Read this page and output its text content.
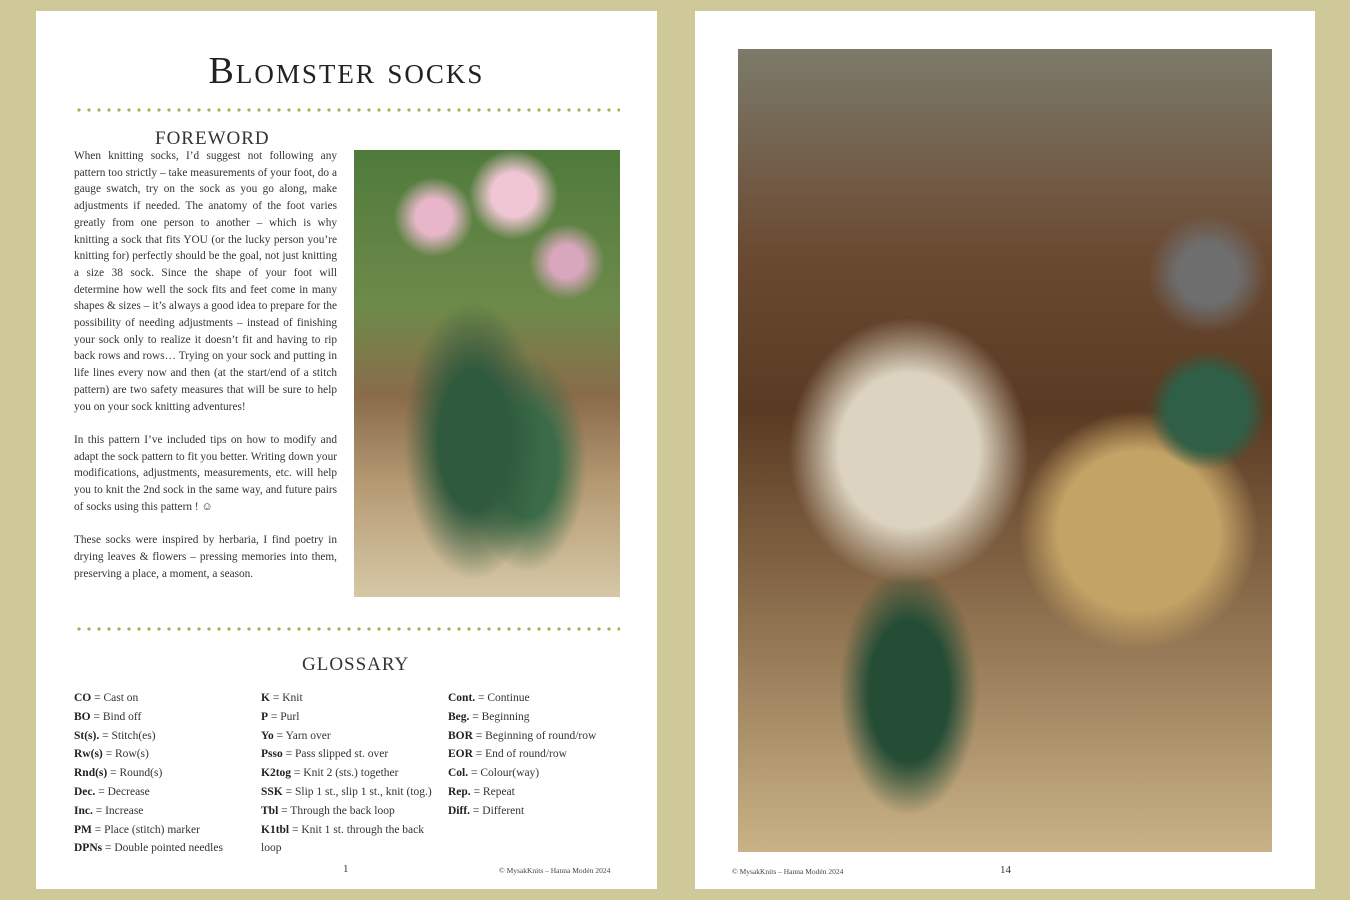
Blomster socks
FOREWORD

When knitting socks, I’d suggest not following any pattern too strictly – take measurements of your foot, do a gauge swatch, try on the sock as you go along, make adjustments if needed. The anatomy of the foot varies greatly from one person to another – which is why knitting a sock that fits YOU (or the lucky person you’re knitting for) perfectly should be the goal, not just knitting a size 38 sock. Since the shape of your foot will determine how well the sock fits and feet come in many shapes & sizes – it’s always a good idea to prepare for the possibility of needing adjustments – instead of finishing your sock only to realize it doesn’t fit and having to rip back rows and rows… Trying on your sock and putting in life lines every now and then (at the start/end of a stitch pattern) are two safety measures that will be sure to help you on your sock knitting adventures!

In this pattern I’ve included tips on how to modify and adapt the sock pattern to fit you better. Writing down your modifications, adjustments, measurements, etc. will help you to knit the 2nd sock in the same way, and future pairs of socks using this pattern ! ☺

These socks were inspired by herbaria, I find poetry in drying leaves & flowers – pressing memories into them, preserving a place, a moment, a season.

GLOSSARY
CO = Cast on
BO = Bind off
St(s). = Stitch(es)
Rw(s) = Row(s)
Rnd(s) = Round(s)
Dec. = Decrease
Inc. = Increase
PM = Place (stitch) marker
DPNs = Double pointed needles
K = Knit
P = Purl
Yo = Yarn over
Psso = Pass slipped st. over
K2tog = Knit 2 (sts.) together
SSK = Slip 1 st., slip 1 st., knit (tog.)
Tbl = Through the back loop
K1tbl = Knit 1 st. through the back loop
Cont. = Continue
Beg. = Beginning
BOR = Beginning of round/row
EOR = End of round/row
Col. = Colour(way)
Rep. = Repeat
Diff. = Different
1	© MysakKnits – Hanna Modén 2024	© MysakKnits – Hanna Modén 2024	14
